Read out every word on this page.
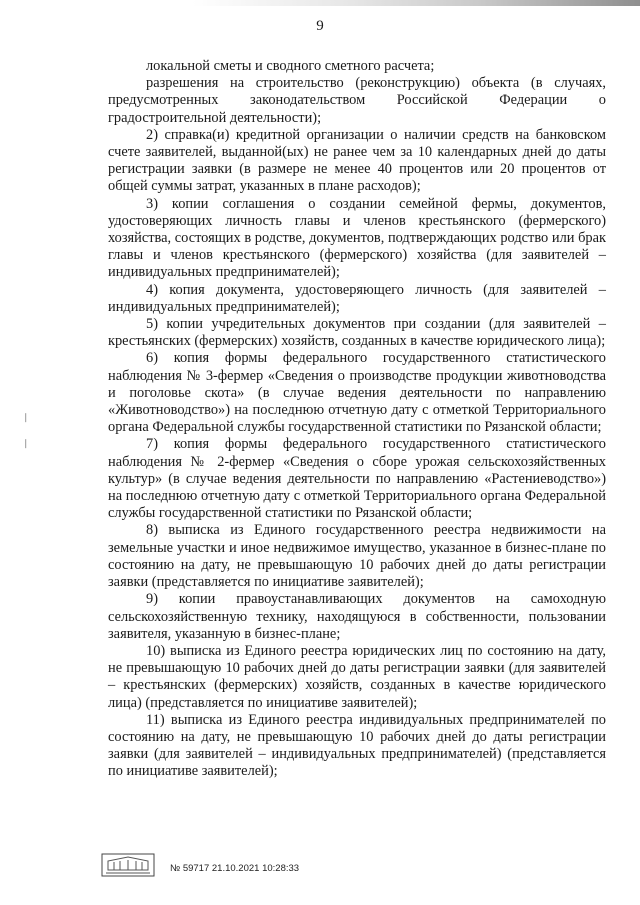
9

локальной сметы и сводного сметного расчета;

разрешения на строительство (реконструкцию) объекта (в случаях, предусмотренных законодательством Российской Федерации о градостроительной деятельности);

2) справка(и) кредитной организации о наличии средств на банковском счете заявителей, выданной(ых) не ранее чем за 10 календарных дней до даты регистрации заявки (в размере не менее 40 процентов или 20 процентов от общей суммы затрат, указанных в плане расходов);

3) копии соглашения о создании семейной фермы, документов, удостоверяющих личность главы и членов крестьянского (фермерского) хозяйства, состоящих в родстве, документов, подтверждающих родство или брак главы и членов крестьянского (фермерского) хозяйства (для заявителей – индивидуальных предпринимателей);

4) копия документа, удостоверяющего личность (для заявителей – индивидуальных предпринимателей);

5) копии учредительных документов при создании (для заявителей – крестьянских (фермерских) хозяйств, созданных в качестве юридического лица);

6) копия формы федерального государственного статистического наблюдения № 3-фермер «Сведения о производстве продукции животноводства и поголовье скота» (в случае ведения деятельности по направлению «Животноводство») на последнюю отчетную дату с отметкой Территориального органа Федеральной службы государственной статистики по Рязанской области;

7) копия формы федерального государственного статистического наблюдения № 2-фермер «Сведения о сборе урожая сельскохозяйственных культур» (в случае ведения деятельности по направлению «Растениеводство») на последнюю отчетную дату с отметкой Территориального органа Федеральной службы государственной статистики по Рязанской области;

8) выписка из Единого государственного реестра недвижимости на земельные участки и иное недвижимое имущество, указанное в бизнес-плане по состоянию на дату, не превышающую 10 рабочих дней до даты регистрации заявки (представляется по инициативе заявителей);

9) копии правоустанавливающих документов на самоходную сельскохозяйственную технику, находящуюся в собственности, пользовании заявителя, указанную в бизнес-плане;

10) выписка из Единого реестра юридических лиц по состоянию на дату, не превышающую 10 рабочих дней до даты регистрации заявки (для заявителей – крестьянских (фермерских) хозяйств, созданных в качестве юридического лица) (представляется по инициативе заявителей);

11) выписка из Единого реестра индивидуальных предпринимателей по состоянию на дату, не превышающую 10 рабочих дней до даты регистрации заявки (для заявителей – индивидуальных предпринимателей) (представляется по инициативе заявителей);

❘
❘
№ 59717 21.10.2021 10:28:33
